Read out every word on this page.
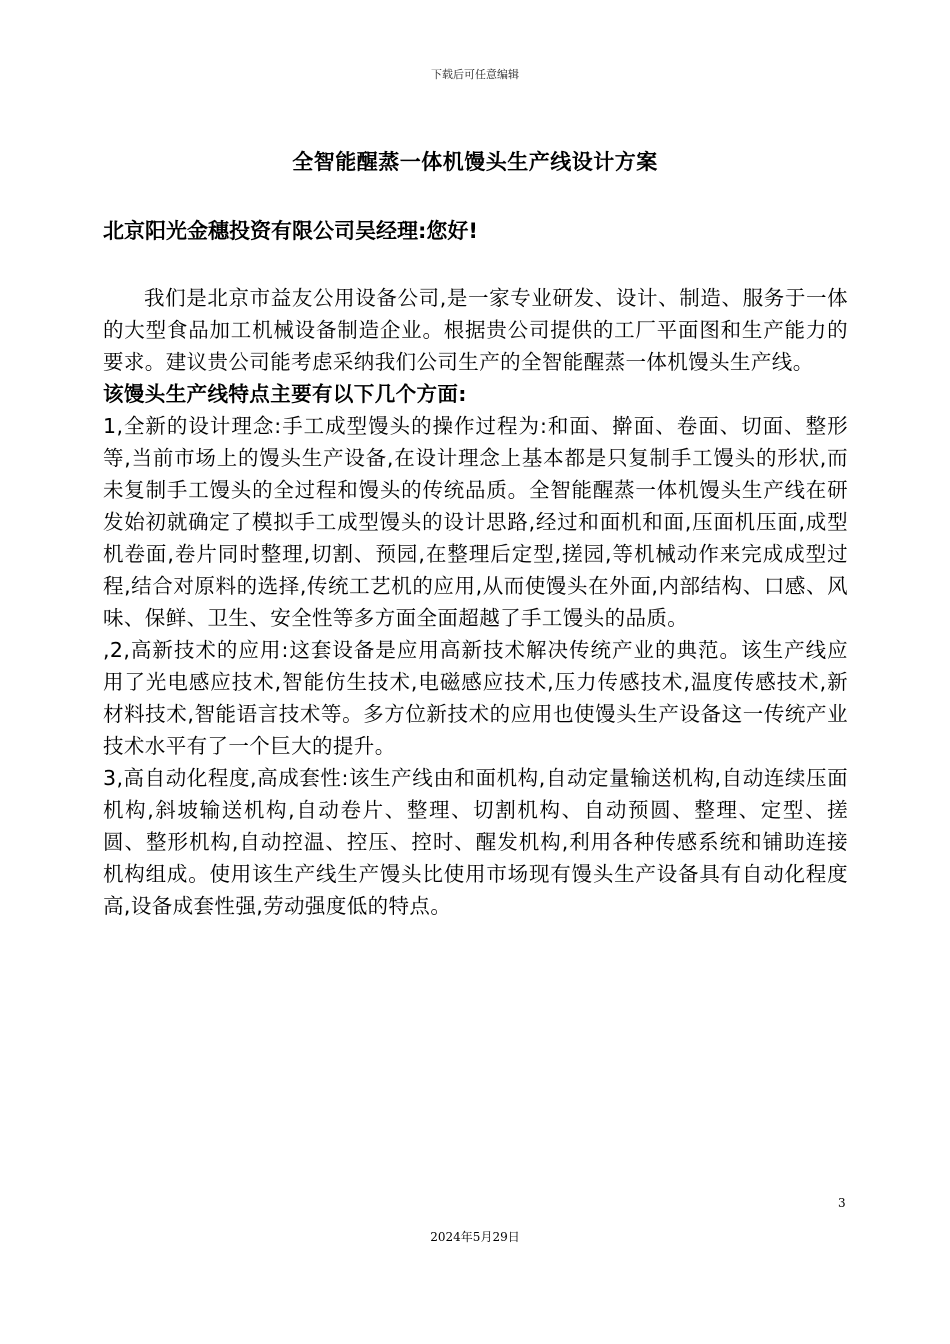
下载后可任意编辑
全智能醒蒸一体机馒头生产线设计方案
北京阳光金穗投资有限公司吴经理:您好!

我们是北京市益友公用设备公司,是一家专业研发、设计、制造、服务于一体的大型食品加工机械设备制造企业。根据贵公司提供的工厂平面图和生产能力的要求。建议贵公司能考虑采纳我们公司生产的全智能醒蒸一体机馒头生产线。

该馒头生产线特点主要有以下几个方面:

1,全新的设计理念:手工成型馒头的操作过程为:和面、擀面、卷面、切面、整形等,当前市场上的馒头生产设备,在设计理念上基本都是只复制手工馒头的形状,而未复制手工馒头的全过程和馒头的传统品质。全智能醒蒸一体机馒头生产线在研发始初就确定了模拟手工成型馒头的设计思路,经过和面机和面,压面机压面,成型机卷面,卷片同时整理,切割、预园,在整理后定型,搓园,等机械动作来完成成型过程,结合对原料的选择,传统工艺机的应用,从而使馒头在外面,内部结构、口感、风味、保鲜、卫生、安全性等多方面全面超越了手工馒头的品质。

,2,高新技术的应用:这套设备是应用高新技术解决传统产业的典范。该生产线应用了光电感应技术,智能仿生技术,电磁感应技术,压力传感技术,温度传感技术,新材料技术,智能语言技术等。多方位新技术的应用也使馒头生产设备这一传统产业技术水平有了一个巨大的提升。

3,高自动化程度,高成套性:该生产线由和面机构,自动定量输送机构,自动连续压面机构,斜坡输送机构,自动卷片、整理、切割机构、自动预圆、整理、定型、搓圆、整形机构,自动控温、控压、控时、醒发机构,利用各种传感系统和铺助连接机构组成。使用该生产线生产馒头比使用市场现有馒头生产设备具有自动化程度高,设备成套性强,劳动强度低的特点。

3
2024年5月29日
